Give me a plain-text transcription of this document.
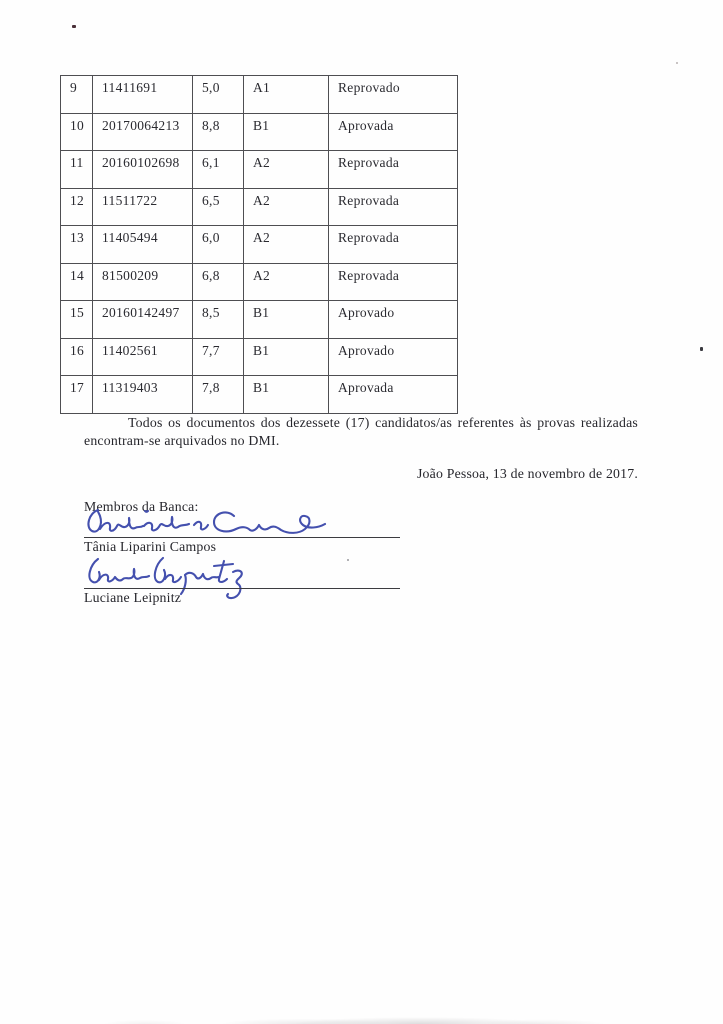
9	11411691	5,0	A1	Reprovado
10	20170064213	8,8	B1	Aprovada
11	20160102698	6,1	A2	Reprovada
12	11511722	6,5	A2	Reprovada
13	11405494	6,0	A2	Reprovada
14	81500209	6,8	A2	Reprovada
15	20160142497	8,5	B1	Aprovado
16	11402561	7,7	B1	Aprovado
17	11319403	7,8	B1	Aprovada

Todos os documentos dos dezessete (17) candidatos/as referentes às provas realizadas encontram-se arquivados no DMI.

João Pessoa, 13 de novembro de 2017.

Membros da Banca:

Tânia Liparini Campos
Luciane Leipnitz
